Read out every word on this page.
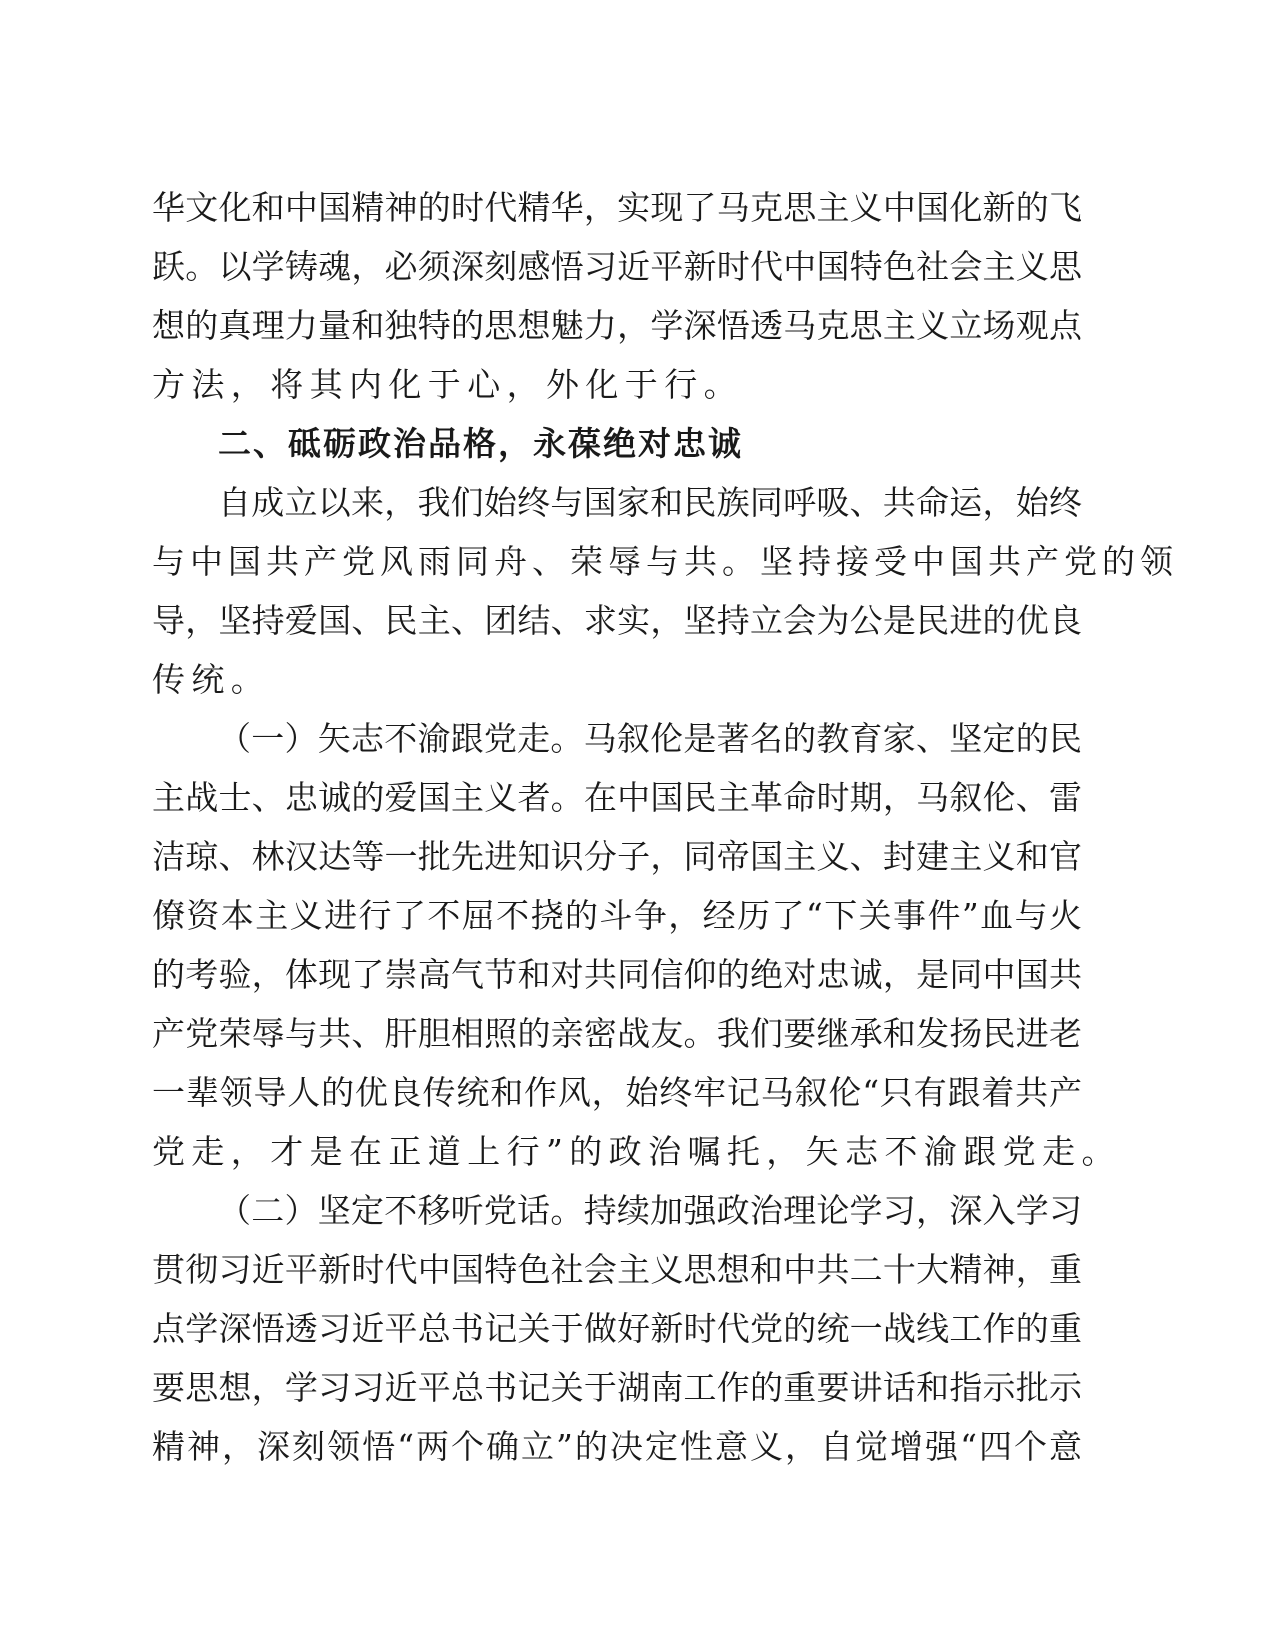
华文化和中国精神的时代精华，实现了马克思主义中国化新的飞
跃。以学铸魂，必须深刻感悟习近平新时代中国特色社会主义思
想的真理力量和独特的思想魅力，学深悟透马克思主义立场观点
方法，将其内化于心，外化于行。
二、砥砺政治品格，永葆绝对忠诚
自成立以来，我们始终与国家和民族同呼吸、共命运，始终
与中国共产党风雨同舟、荣辱与共。坚持接受中国共产党的领
导，坚持爱国、民主、团结、求实，坚持立会为公是民进的优良
传统。
（一）矢志不渝跟党走。马叙伦是著名的教育家、坚定的民
主战士、忠诚的爱国主义者。在中国民主革命时期，马叙伦、雷
洁琼、林汉达等一批先进知识分子，同帝国主义、封建主义和官
僚资本主义进行了不屈不挠的斗争，经历了“下关事件”血与火
的考验，体现了崇高气节和对共同信仰的绝对忠诚，是同中国共
产党荣辱与共、肝胆相照的亲密战友。我们要继承和发扬民进老
一辈领导人的优良传统和作风，始终牢记马叙伦“只有跟着共产
党走，才是在正道上行”的政治嘱托，矢志不渝跟党走。
（二）坚定不移听党话。持续加强政治理论学习，深入学习
贯彻习近平新时代中国特色社会主义思想和中共二十大精神，重
点学深悟透习近平总书记关于做好新时代党的统一战线工作的重
要思想，学习习近平总书记关于湖南工作的重要讲话和指示批示
精神，深刻领悟“两个确立”的决定性意义，自觉增强“四个意
